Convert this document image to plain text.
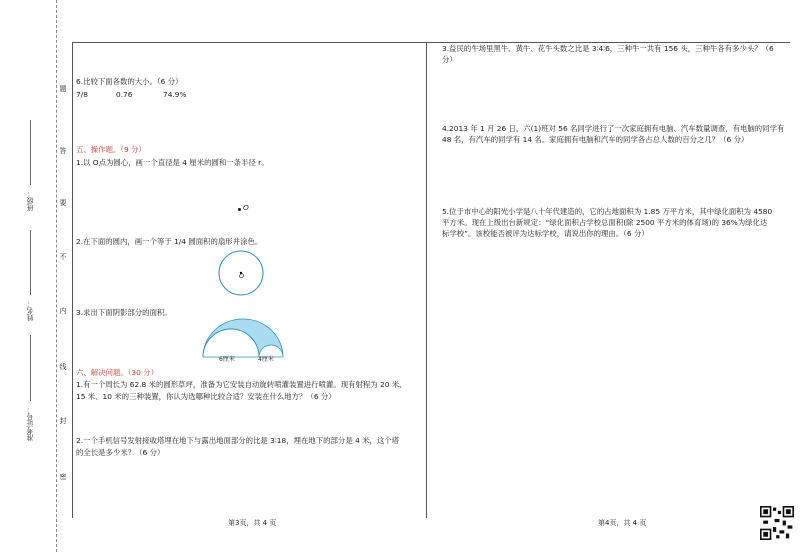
班级：
姓名：
准考证号：
题
答
要
不
内
线
封
密
6.比较下面各数的大小。（6 分）
7/8	0.76	74.9%
五、操作题。（9 分）
1.以 O点为圆心，画一个直径是 4 厘米的圆和一条半径 r。
O
2.在下面的圆内，画一个等于 1/4 圆面积的扇形并涂色。
O
3.求出下面阴影部分的面积。
6厘米	4厘米
六、解决问题。（30 分）
1.有一个周长为 62.8 米的圆形草坪，准备为它安装自动旋转喷灌装置进行喷灌。现有射程为 20 米、
15 米、10 米的三种装置，你认为选哪种比较合适？安装在什么地方？（6 分）
2.一个手机信号发射接收塔埋在地下与露出地面部分的比是 3∶18，埋在地下的部分是 4 米，这个塔
的全长是多少米？（6 分）
第3页，共 4 页
3.益民的牛场里黑牛、黄牛、花牛头数之比是 3∶4∶6，三种牛一共有 156 头，三种牛各有多少头？（6
分）
4.2013 年 1 月 26 日，六(1)班对 56 名同学进行了一次家庭拥有电脑、汽车数量调查，有电脑的同学有
48 名，有汽车的同学有 14 名。家庭拥有电脑和汽车的同学各占总人数的百分之几？（6 分）
5.位于市中心的阳光小学是八十年代建造的，它的占地面积为 1.85 万平方米，其中绿化面积为 4580
平方米。现在上级出台新规定：“绿化面积占学校总面积(除 2500 平方米的体育场)的 36%为绿化达
标学校”。该校能否被评为达标学校，请说出你的理由。（6 分）
第4页，共 4 页
